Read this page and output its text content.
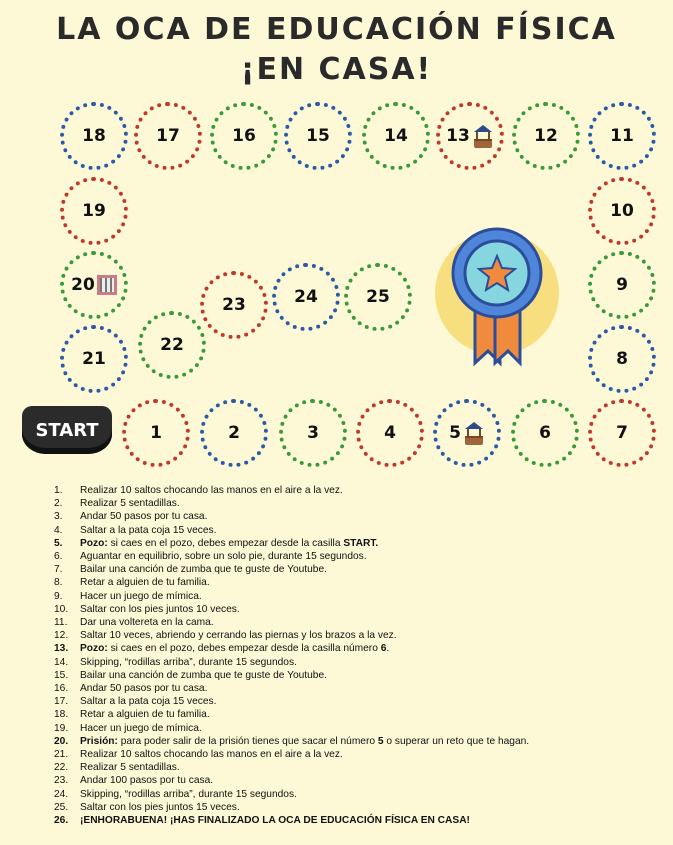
LA OCA DE EDUCACIÓN FÍSICA
¡EN CASA!
1	2	3	4	5	6	7
8
9
10
11
12
13
14
15
16
17
18
19
20
21
22
23	24	25
START
1. Realizar 10 saltos chocando las manos en el aire a la vez.
2. Realizar 5 sentadillas.
3. Andar 50 pasos por tu casa.
4. Saltar a la pata coja 15 veces.
5. Pozo: si caes en el pozo, debes empezar desde la casilla START.
6. Aguantar en equilibrio, sobre un solo pie, durante 15 segundos.
7. Bailar una canción de zumba que te guste de Youtube.
8. Retar a alguien de tu familia.
9. Hacer un juego de mímica.
10. Saltar con los pies juntos 10 veces.
11. Dar una voltereta en la cama.
12. Saltar 10 veces, abriendo y cerrando las piernas y los brazos a la vez.
13. Pozo: si caes en el pozo, debes empezar desde la casilla número 6.
14. Skipping, “rodillas arriba”, durante 15 segundos.
15. Bailar una canción de zumba que te guste de Youtube.
16. Andar 50 pasos por tu casa.
17. Saltar a la pata coja 15 veces.
18. Retar a alguien de tu familia.
19. Hacer un juego de mímica.
20. Prisión: para poder salir de la prisión tienes que sacar el número 5 o superar un reto que te hagan.
21. Realizar 10 saltos chocando las manos en el aire a la vez.
22. Realizar 5 sentadillas.
23. Andar 100 pasos por tu casa.
24. Skipping, “rodillas arriba”, durante 15 segundos.
25. Saltar con los pies juntos 15 veces.
26. ¡ENHORABUENA! ¡HAS FINALIZADO LA OCA DE EDUCACIÓN FÍSICA EN CASA!
